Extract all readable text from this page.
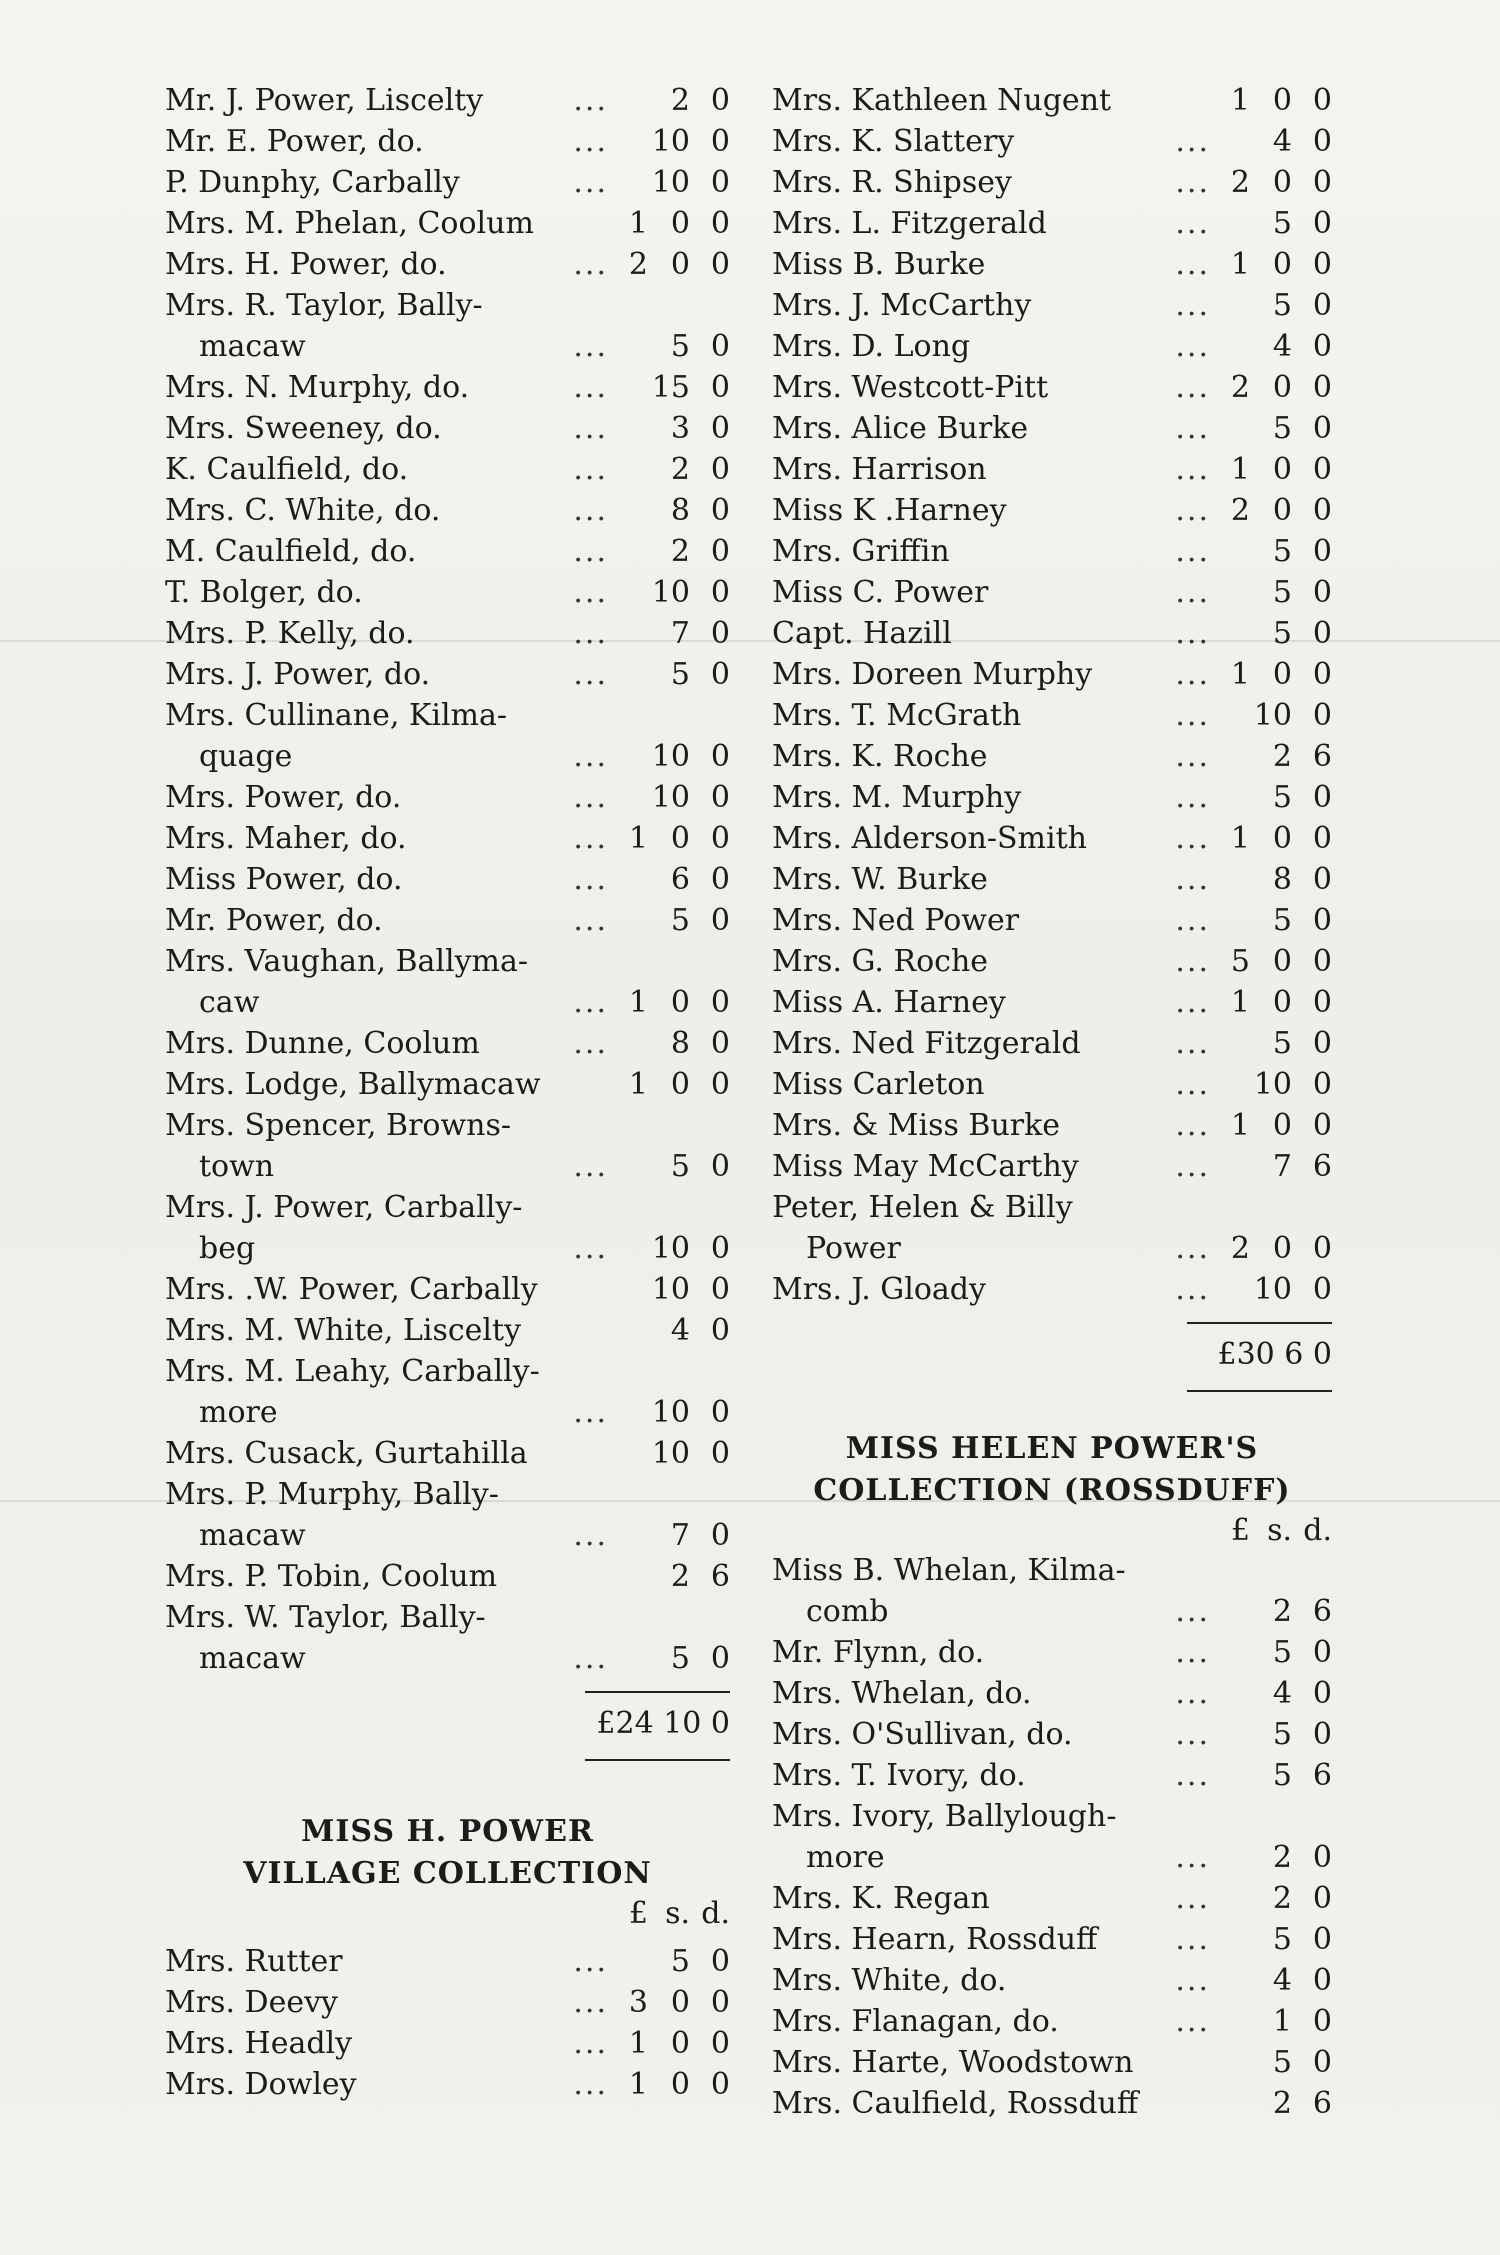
Mr. J. Power, Liscelty	...	2 0
Mr. E. Power, do.	... 10 0
P. Dunphy, Carbally	... 10 0
Mrs. M. Phelan, Coolum	1 0 0
Mrs. H. Power, do.	... 2 0 0
Mrs. R. Taylor, Bally-
macaw	...	5 0
Mrs. N. Murphy, do.	... 15 0
Mrs. Sweeney, do.	...	3 0
K. Caulfield, do.	...	2 0
Mrs. C. White, do.	...	8 0
M. Caulfield, do.	...	2 0
T. Bolger, do.	... 10 0
Mrs. P. Kelly, do.	...	7 0
Mrs. J. Power, do.	...	5 0
Mrs. Cullinane, Kilma-
quage	... 10 0
Mrs. Power, do.	... 10 0
Mrs. Maher, do.	... 1 0 0
Miss Power, do.	...	6 0
Mr. Power, do.	...	5 0
Mrs. Vaughan, Ballyma-
caw	... 1 0 0
Mrs. Dunne, Coolum	...	8 0
Mrs. Lodge, Ballymacaw	1 0 0
Mrs. Spencer, Browns-
town	...	5 0
Mrs. J. Power, Carbally-
beg	... 10 0
Mrs. .W. Power, Carbally	10 0
Mrs. M. White, Liscelty	4 0
Mrs. M. Leahy, Carbally-
more	... 10 0
Mrs. Cusack, Gurtahilla	10 0
Mrs. P. Murphy, Bally-
macaw	...	7 0
Mrs. P. Tobin, Coolum	2 6
Mrs. W. Taylor, Bally-
macaw	...	5 0
£24 10 0
MISS H. POWER
VILLAGE COLLECTION
£ s. d.
Mrs. Rutter	...	5 0
Mrs. Deevy	... 3 0 0
Mrs. Headly	... 1 0 0
Mrs. Dowley	... 1 0 0
Mrs. Kathleen Nugent	1 0 0
Mrs. K. Slattery	...	4 0
Mrs. R. Shipsey	... 2 0 0
Mrs. L. Fitzgerald	...	5 0
Miss B. Burke	... 1 0 0
Mrs. J. McCarthy	...	5 0
Mrs. D. Long	...	4 0
Mrs. Westcott-Pitt	... 2 0 0
Mrs. Alice Burke	...	5 0
Mrs. Harrison	... 1 0 0
Miss K .Harney	... 2 0 0
Mrs. Griffin	...	5 0
Miss C. Power	...	5 0
Capt. Hazill	...	5 0
Mrs. Doreen Murphy	... 1 0 0
Mrs. T. McGrath	... 10 0
Mrs. K. Roche	...	2 6
Mrs. M. Murphy	...	5 0
Mrs. Alderson-Smith	... 1 0 0
Mrs. W. Burke	...	8 0
Mrs. Ned Power	...	5 0
Mrs. G. Roche	... 5 0 0
Miss A. Harney	... 1 0 0
Mrs. Ned Fitzgerald	...	5 0
Miss Carleton	... 10 0
Mrs. & Miss Burke	... 1 0 0
Miss May McCarthy	...	7 6
Peter, Helen & Billy
Power	... 2 0 0
Mrs. J. Gloady	... 10 0
£30 6 0
MISS HELEN POWER'S
COLLECTION (ROSSDUFF)
£ s. d.
Miss B. Whelan, Kilma-
comb	...	2 6
Mr. Flynn, do.	...	5 0
Mrs. Whelan, do.	...	4 0
Mrs. O'Sullivan, do.	...	5 0
Mrs. T. Ivory, do.	...	5 6
Mrs. Ivory, Ballylough-
more	...	2 0
Mrs. K. Regan	...	2 0
Mrs. Hearn, Rossduff	...	5 0
Mrs. White, do.	...	4 0
Mrs. Flanagan, do.	...	1 0
Mrs. Harte, Woodstown	5 0
Mrs. Caulfield, Rossduff	2 6
